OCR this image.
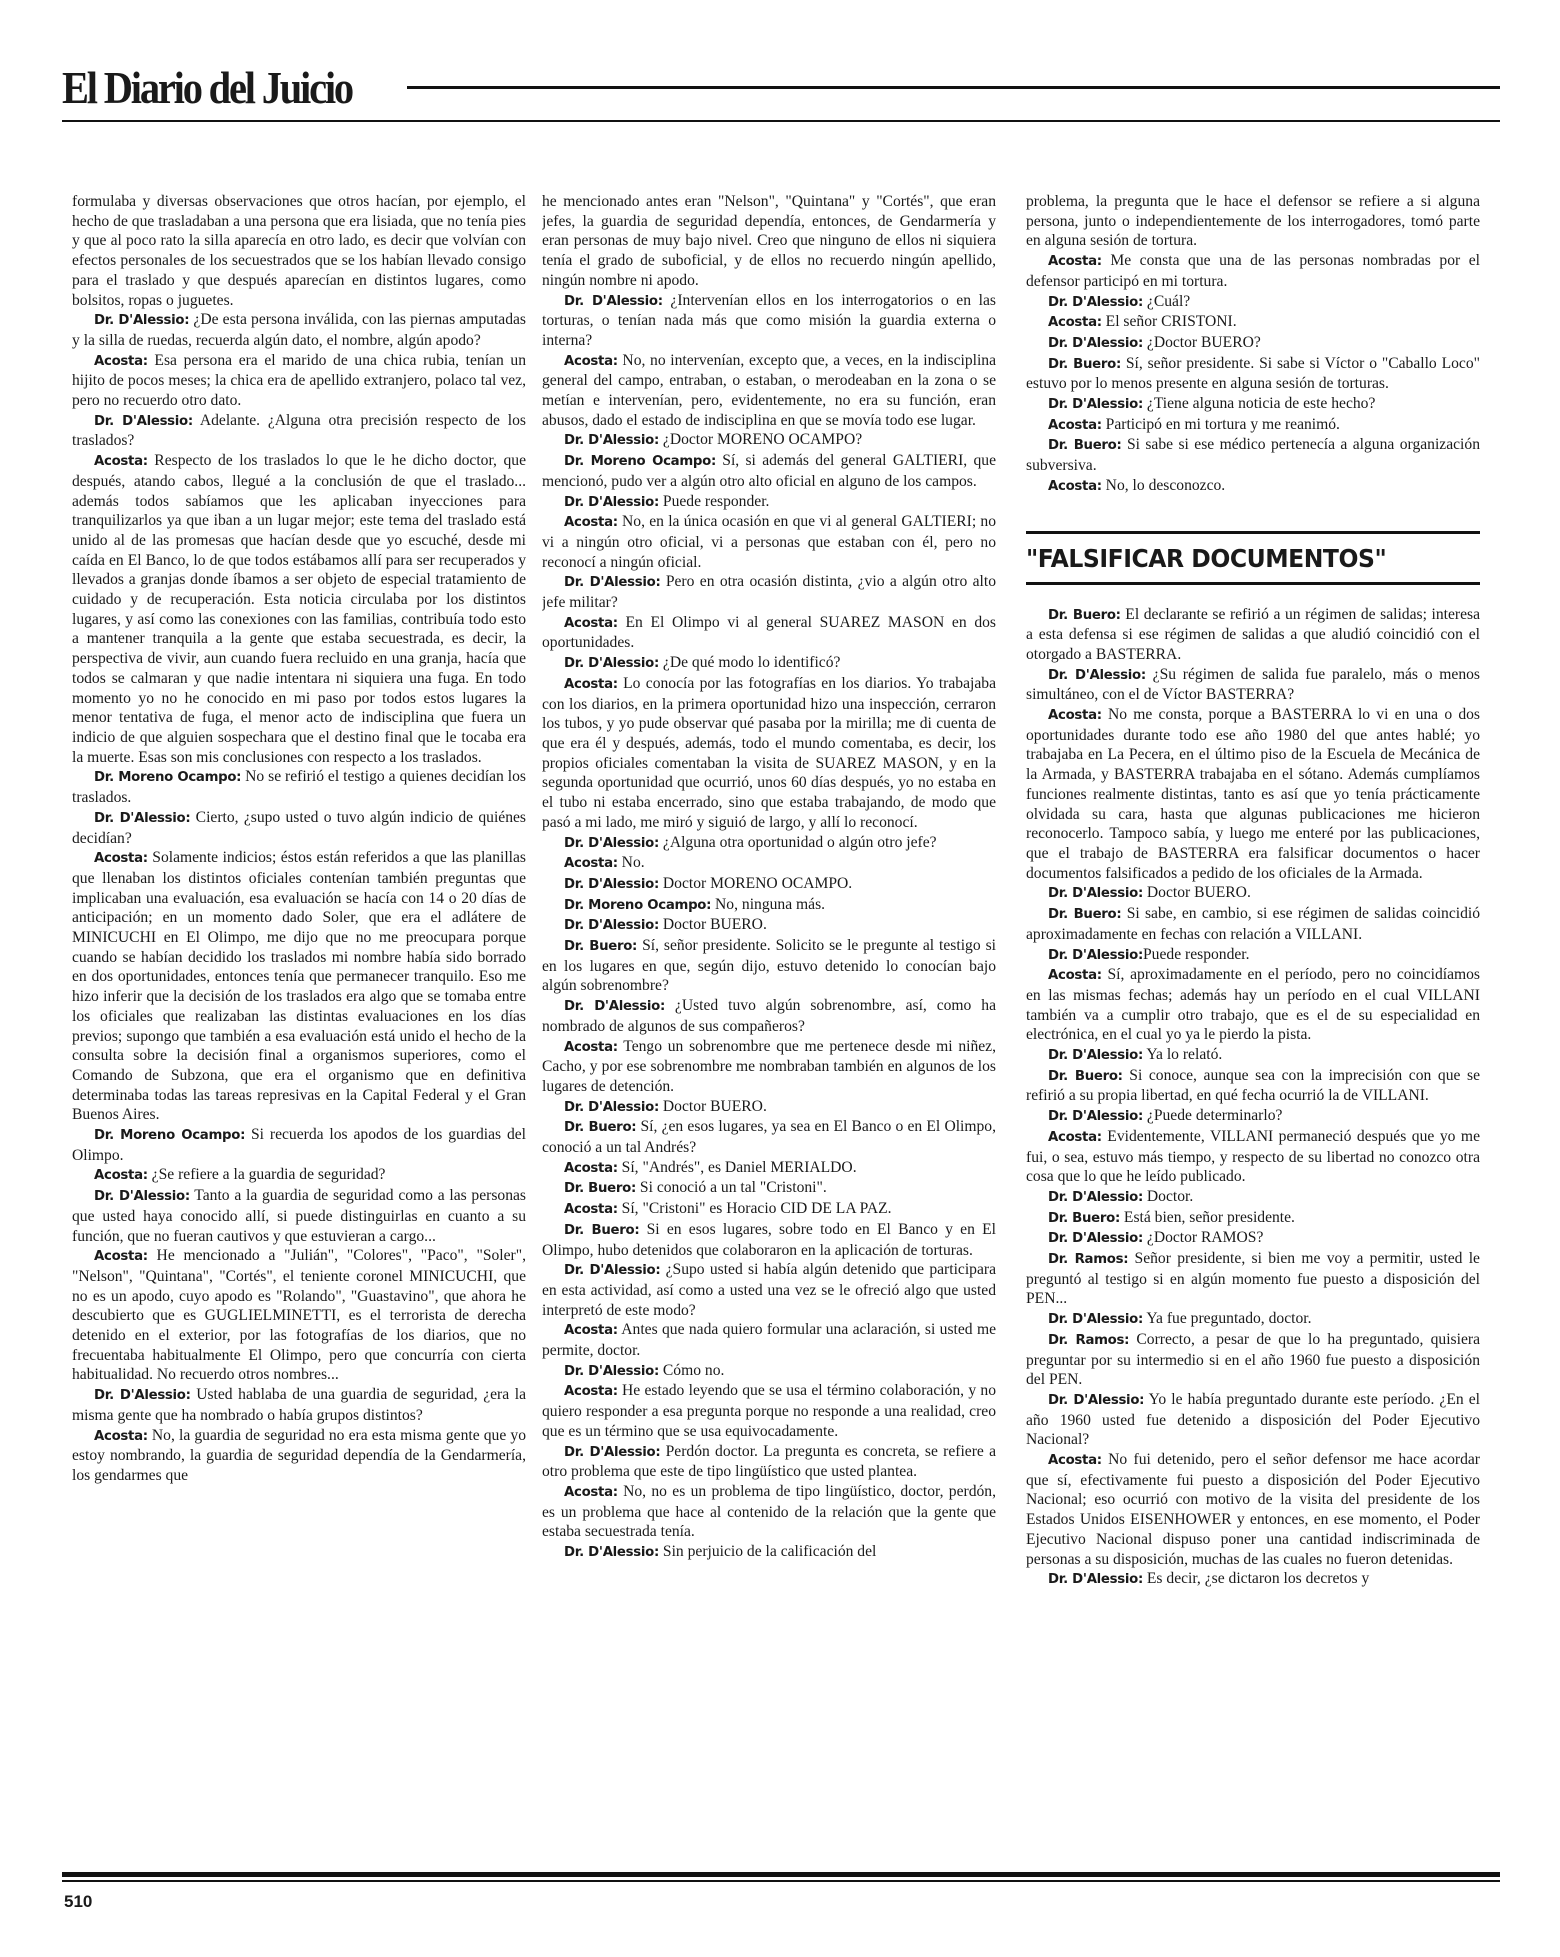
El Diario del Juicio

formulaba y diversas observaciones que otros hacían, por ejemplo, el hecho de que trasladaban a una persona que era lisiada, que no tenía pies y que al poco rato la silla aparecía en otro lado, es decir que volvían con efectos personales de los secuestrados que se los habían llevado consigo para el traslado y que después aparecían en distintos lugares, como bolsitos, ropas o juguetes.

Dr. D'Alessio: ¿De esta persona inválida, con las piernas amputadas y la silla de ruedas, recuerda algún dato, el nombre, algún apodo?

Acosta: Esa persona era el marido de una chica rubia, tenían un hijito de pocos meses; la chica era de apellido extranjero, polaco tal vez, pero no recuerdo otro dato.

Dr. D'Alessio: Adelante. ¿Alguna otra precisión respecto de los traslados?

Acosta: Respecto de los traslados lo que le he dicho doctor, que después, atando cabos, llegué a la conclusión de que el traslado... además todos sabíamos que les aplicaban inyecciones para tranquilizarlos ya que iban a un lugar mejor; este tema del traslado está unido al de las promesas que hacían desde que yo escuché, desde mi caída en El Banco, lo de que todos estábamos allí para ser recuperados y llevados a granjas donde íbamos a ser objeto de especial tratamiento de cuidado y de recuperación. Esta noticia circulaba por los distintos lugares, y así como las conexiones con las familias, contribuía todo esto a mantener tranquila a la gente que estaba secuestrada, es decir, la perspectiva de vivir, aun cuando fuera recluido en una granja, hacía que todos se calmaran y que nadie intentara ni siquiera una fuga. En todo momento yo no he conocido en mi paso por todos estos lugares la menor tentativa de fuga, el menor acto de indisciplina que fuera un indicio de que alguien sospechara que el destino final que le tocaba era la muerte. Esas son mis conclusiones con respecto a los traslados.

Dr. Moreno Ocampo: No se refirió el testigo a quienes decidían los traslados.

Dr. D'Alessio: Cierto, ¿supo usted o tuvo algún indicio de quiénes decidían?

Acosta: Solamente indicios; éstos están referidos a que las planillas que llenaban los distintos oficiales contenían también preguntas que implicaban una evaluación, esa evaluación se hacía con 14 o 20 días de anticipación; en un momento dado Soler, que era el adlátere de MINICUCHI en El Olimpo, me dijo que no me preocupara porque cuando se habían decidido los traslados mi nombre había sido borrado en dos oportunidades, entonces tenía que permanecer tranquilo. Eso me hizo inferir que la decisión de los traslados era algo que se tomaba entre los oficiales que realizaban las distintas evaluaciones en los días previos; supongo que también a esa evaluación está unido el hecho de la consulta sobre la decisión final a organismos superiores, como el Comando de Subzona, que era el organismo que en definitiva determinaba todas las tareas represivas en la Capital Federal y el Gran Buenos Aires.

Dr. Moreno Ocampo: Si recuerda los apodos de los guardias del Olimpo.

Acosta: ¿Se refiere a la guardia de seguridad?

Dr. D'Alessio: Tanto a la guardia de seguridad como a las personas que usted haya conocido allí, si puede distinguirlas en cuanto a su función, que no fueran cautivos y que estuvieran a cargo...

Acosta: He mencionado a "Julián", "Colores", "Paco", "Soler", "Nelson", "Quintana", "Cortés", el teniente coronel MINICUCHI, que no es un apodo, cuyo apodo es "Rolando", "Guastavino", que ahora he descubierto que es GUGLIELMINETTI, es el terrorista de derecha detenido en el exterior, por las fotografías de los diarios, que no frecuentaba habitualmente El Olimpo, pero que concurría con cierta habitualidad. No recuerdo otros nombres...

Dr. D'Alessio: Usted hablaba de una guardia de seguridad, ¿era la misma gente que ha nombrado o había grupos distintos?

Acosta: No, la guardia de seguridad no era esta misma gente que yo estoy nombrando, la guardia de seguridad dependía de la Gendarmería, los gendarmes que

he mencionado antes eran "Nelson", "Quintana" y "Cortés", que eran jefes, la guardia de seguridad dependía, entonces, de Gendarmería y eran personas de muy bajo nivel. Creo que ninguno de ellos ni siquiera tenía el grado de suboficial, y de ellos no recuerdo ningún apellido, ningún nombre ni apodo.

Dr. D'Alessio: ¿Intervenían ellos en los interrogatorios o en las torturas, o tenían nada más que como misión la guardia externa o interna?

Acosta: No, no intervenían, excepto que, a veces, en la indisciplina general del campo, entraban, o estaban, o merodeaban en la zona o se metían e intervenían, pero, evidentemente, no era su función, eran abusos, dado el estado de indisciplina en que se movía todo ese lugar.

Dr. D'Alessio: ¿Doctor MORENO OCAMPO?

Dr. Moreno Ocampo: Sí, si además del general GALTIERI, que mencionó, pudo ver a algún otro alto oficial en alguno de los campos.

Dr. D'Alessio: Puede responder.

Acosta: No, en la única ocasión en que vi al general GALTIERI; no vi a ningún otro oficial, vi a personas que estaban con él, pero no reconocí a ningún oficial.

Dr. D'Alessio: Pero en otra ocasión distinta, ¿vio a algún otro alto jefe militar?

Acosta: En El Olimpo vi al general SUAREZ MASON en dos oportunidades.

Dr. D'Alessio: ¿De qué modo lo identificó?

Acosta: Lo conocía por las fotografías en los diarios. Yo trabajaba con los diarios, en la primera oportunidad hizo una inspección, cerraron los tubos, y yo pude observar qué pasaba por la mirilla; me di cuenta de que era él y después, además, todo el mundo comentaba, es decir, los propios oficiales comentaban la visita de SUAREZ MASON, y en la segunda oportunidad que ocurrió, unos 60 días después, yo no estaba en el tubo ni estaba encerrado, sino que estaba trabajando, de modo que pasó a mi lado, me miró y siguió de largo, y allí lo reconocí.

Dr. D'Alessio: ¿Alguna otra oportunidad o algún otro jefe?

Acosta: No.

Dr. D'Alessio: Doctor MORENO OCAMPO.

Dr. Moreno Ocampo: No, ninguna más.

Dr. D'Alessio: Doctor BUERO.

Dr. Buero: Sí, señor presidente. Solicito se le pregunte al testigo si en los lugares en que, según dijo, estuvo detenido lo conocían bajo algún sobrenombre?

Dr. D'Alessio: ¿Usted tuvo algún sobrenombre, así, como ha nombrado de algunos de sus compañeros?

Acosta: Tengo un sobrenombre que me pertenece desde mi niñez, Cacho, y por ese sobrenombre me nombraban también en algunos de los lugares de detención.

Dr. D'Alessio: Doctor BUERO.

Dr. Buero: Sí, ¿en esos lugares, ya sea en El Banco o en El Olimpo, conoció a un tal Andrés?

Acosta: Sí, "Andrés", es Daniel MERIALDO.

Dr. Buero: Si conoció a un tal "Cristoni".

Acosta: Sí, "Cristoni" es Horacio CID DE LA PAZ.

Dr. Buero: Si en esos lugares, sobre todo en El Banco y en El Olimpo, hubo detenidos que colaboraron en la aplicación de torturas.

Dr. D'Alessio: ¿Supo usted si había algún detenido que participara en esta actividad, así como a usted una vez se le ofreció algo que usted interpretó de este modo?

Acosta: Antes que nada quiero formular una aclaración, si usted me permite, doctor.

Dr. D'Alessio: Cómo no.

Acosta: He estado leyendo que se usa el término colaboración, y no quiero responder a esa pregunta porque no responde a una realidad, creo que es un término que se usa equivocadamente.

Dr. D'Alessio: Perdón doctor. La pregunta es concreta, se refiere a otro problema que este de tipo lingüístico que usted plantea.

Acosta: No, no es un problema de tipo lingüístico, doctor, perdón, es un problema que hace al contenido de la relación que la gente que estaba secuestrada tenía.

Dr. D'Alessio: Sin perjuicio de la calificación del

problema, la pregunta que le hace el defensor se refiere a si alguna persona, junto o independientemente de los interrogadores, tomó parte en alguna sesión de tortura.

Acosta: Me consta que una de las personas nombradas por el defensor participó en mi tortura.

Dr. D'Alessio: ¿Cuál?

Acosta: El señor CRISTONI.

Dr. D'Alessio: ¿Doctor BUERO?

Dr. Buero: Sí, señor presidente. Si sabe si Víctor o "Caballo Loco" estuvo por lo menos presente en alguna sesión de torturas.

Dr. D'Alessio: ¿Tiene alguna noticia de este hecho?

Acosta: Participó en mi tortura y me reanimó.

Dr. Buero: Si sabe si ese médico pertenecía a alguna organización subversiva.

Acosta: No, lo desconozco.

"FALSIFICAR DOCUMENTOS"

Dr. Buero: El declarante se refirió a un régimen de salidas; interesa a esta defensa si ese régimen de salidas a que aludió coincidió con el otorgado a BASTERRA.

Dr. D'Alessio: ¿Su régimen de salida fue paralelo, más o menos simultáneo, con el de Víctor BASTERRA?

Acosta: No me consta, porque a BASTERRA lo vi en una o dos oportunidades durante todo ese año 1980 del que antes hablé; yo trabajaba en La Pecera, en el último piso de la Escuela de Mecánica de la Armada, y BASTERRA trabajaba en el sótano. Además cumplíamos funciones realmente distintas, tanto es así que yo tenía prácticamente olvidada su cara, hasta que algunas publicaciones me hicieron reconocerlo. Tampoco sabía, y luego me enteré por las publicaciones, que el trabajo de BASTERRA era falsificar documentos o hacer documentos falsificados a pedido de los oficiales de la Armada.

Dr. D'Alessio: Doctor BUERO.

Dr. Buero: Si sabe, en cambio, si ese régimen de salidas coincidió aproximadamente en fechas con relación a VILLANI.

Dr. D'Alessio:Puede responder.

Acosta: Sí, aproximadamente en el período, pero no coincidíamos en las mismas fechas; además hay un período en el cual VILLANI también va a cumplir otro trabajo, que es el de su especialidad en electrónica, en el cual yo ya le pierdo la pista.

Dr. D'Alessio: Ya lo relató.

Dr. Buero: Si conoce, aunque sea con la imprecisión con que se refirió a su propia libertad, en qué fecha ocurrió la de VILLANI.

Dr. D'Alessio: ¿Puede determinarlo?

Acosta: Evidentemente, VILLANI permaneció después que yo me fui, o sea, estuvo más tiempo, y respecto de su libertad no conozco otra cosa que lo que he leído publicado.

Dr. D'Alessio: Doctor.

Dr. Buero: Está bien, señor presidente.

Dr. D'Alessio: ¿Doctor RAMOS?

Dr. Ramos: Señor presidente, si bien me voy a permitir, usted le preguntó al testigo si en algún momento fue puesto a disposición del PEN...

Dr. D'Alessio: Ya fue preguntado, doctor.

Dr. Ramos: Correcto, a pesar de que lo ha preguntado, quisiera preguntar por su intermedio si en el año 1960 fue puesto a disposición del PEN.

Dr. D'Alessio: Yo le había preguntado durante este período. ¿En el año 1960 usted fue detenido a disposición del Poder Ejecutivo Nacional?

Acosta: No fui detenido, pero el señor defensor me hace acordar que sí, efectivamente fui puesto a disposición del Poder Ejecutivo Nacional; eso ocurrió con motivo de la visita del presidente de los Estados Unidos EISENHOWER y entonces, en ese momento, el Poder Ejecutivo Nacional dispuso poner una cantidad indiscriminada de personas a su disposición, muchas de las cuales no fueron detenidas.

Dr. D'Alessio: Es decir, ¿se dictaron los decretos y

510
